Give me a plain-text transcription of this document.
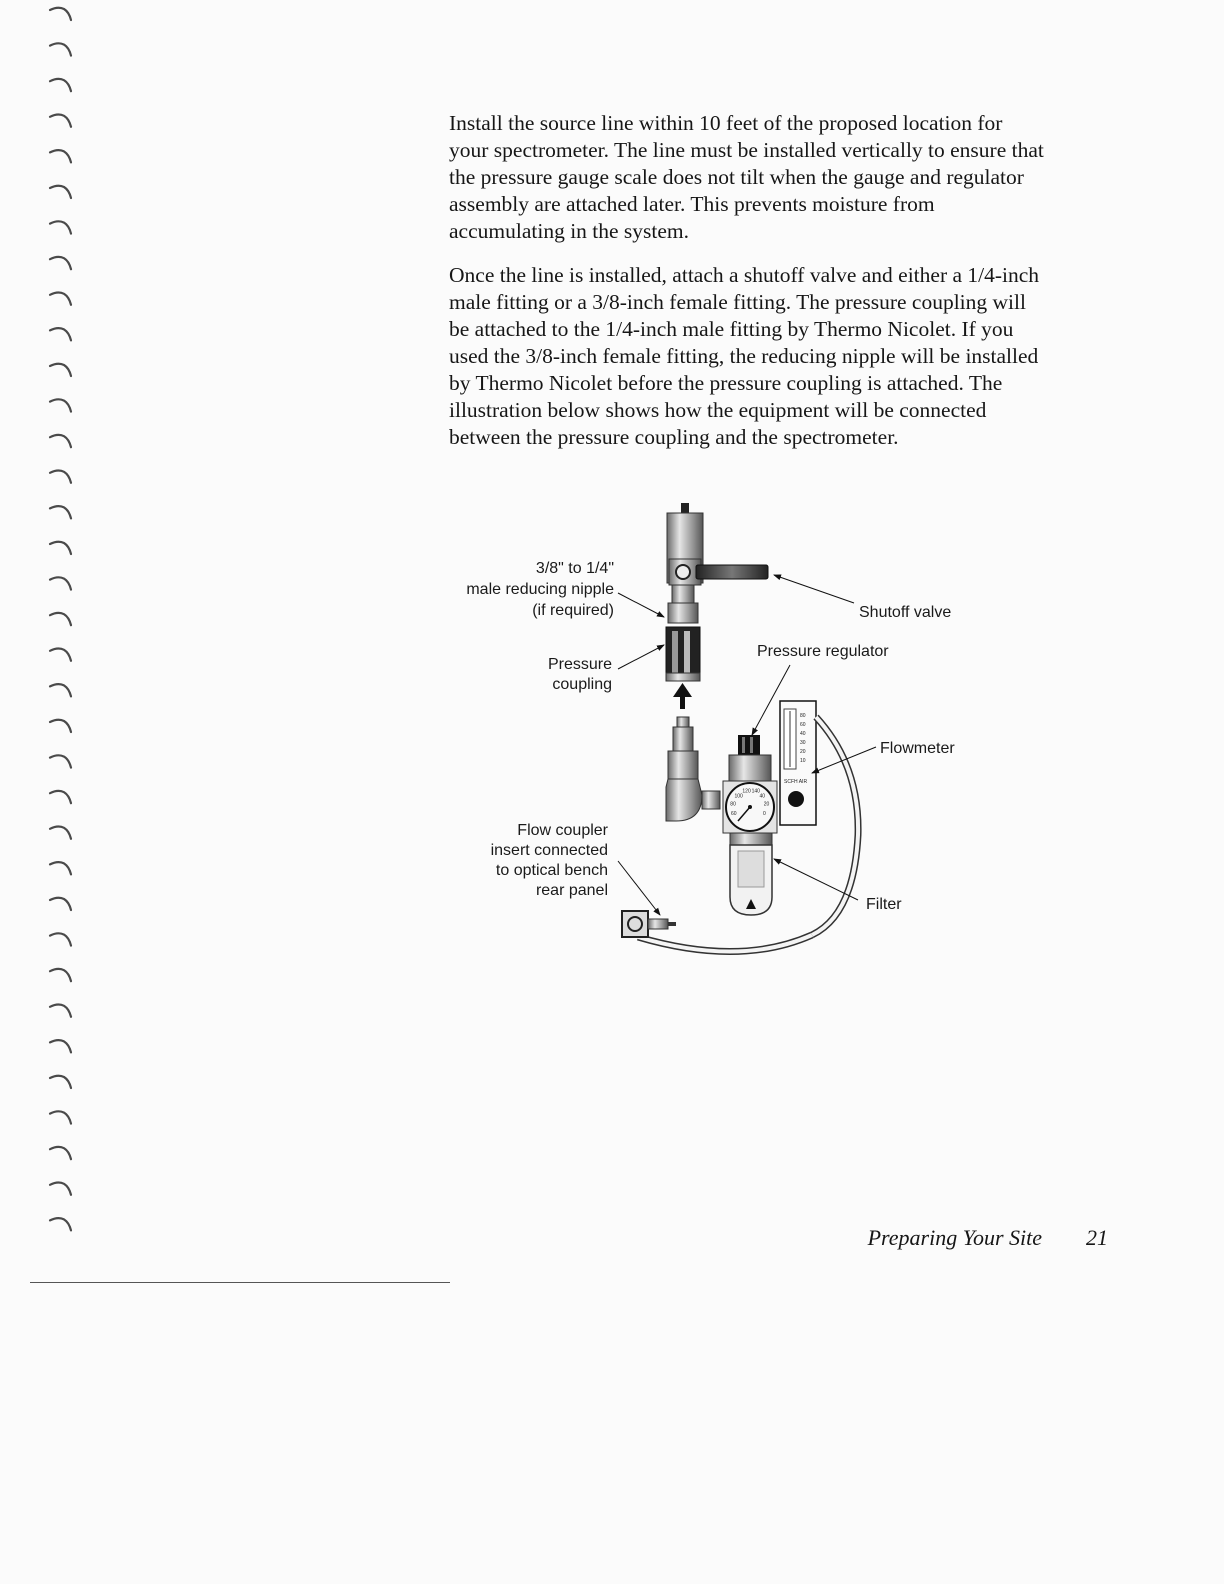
Install the source line within 10 feet of the proposed location for
your spectrometer. The line must be installed vertically to ensure that
the pressure gauge scale does not tilt when the gauge and regulator
assembly are attached later. This prevents moisture from
accumulating in the system.

Once the line is installed, attach a shutoff valve and either a 1/4-inch
male fitting or a 3/8-inch female fitting. The pressure coupling will
be attached to the 1/4-inch male fitting by Thermo Nicolet. If you
used the 3/8-inch female fitting, the reducing nipple will be installed
by Thermo Nicolet before the pressure coupling is attached. The
illustration below shows how the equipment will be connected
between the pressure coupling and the spectrometer.

60
80
100
120 140
40
20
0
80
60
40
30
20
10
SCFH AIR
3/8" to 1/4"
male reducing nipple
(if required)	Shutoff valve
Pressure
coupling
Pressure regulator
Flowmeter
Flow coupler
insert connected
to optical bench
rear panel
Filter
Preparing Your Site 21
